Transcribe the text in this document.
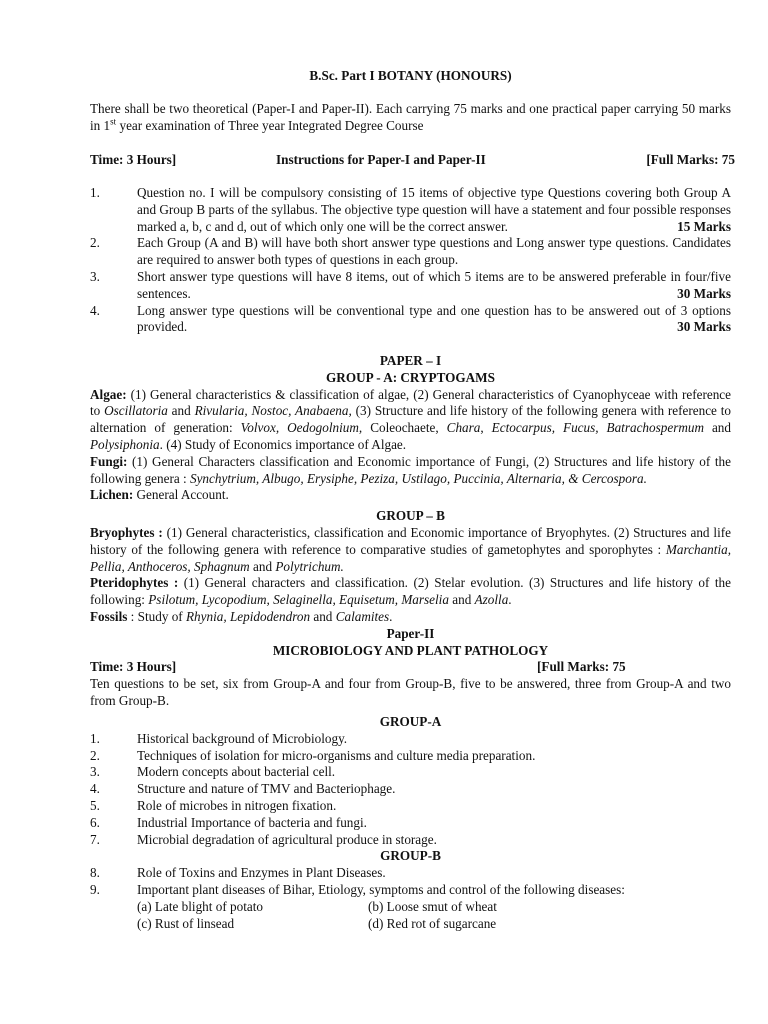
B.Sc. Part I BOTANY (HONOURS)
There shall be two theoretical (Paper-I and Paper-II). Each carrying 75 marks and one practical paper carrying 50 marks in 1st year examination of Three year Integrated Degree Course
Time: 3 Hours]	Instructions for Paper-I and Paper-II	[Full Marks: 75
1.	Question no. I will be compulsory consisting of 15 items of objective type Questions covering both Group A and Group B parts of the syllabus. The objective type question will have a statement and four possible responses marked a, b, c and d, out of which only one will be the correct answer.	15 Marks
2.	Each Group (A and B) will have both short answer type questions and Long answer type questions. Candidates are required to answer both types of questions in each group.
3.	Short answer type questions will have 8 items, out of which 5 items are to be answered preferable in four/five sentences.	30 Marks
4.	Long answer type questions will be conventional type and one question has to be answered out of 3 options provided.	30 Marks
PAPER – I
GROUP - A: CRYPTOGAMS
Algae: (1) General characteristics & classification of algae, (2) General characteristics of Cyanophyceae with reference to Oscillatoria and Rivularia, Nostoc, Anabaena, (3) Structure and life history of the following genera with reference to alternation of generation: Volvox, Oedogolnium, Coleochaete, Chara, Ectocarpus, Fucus, Batrachospermum and Polysiphonia. (4) Study of Economics importance of Algae.
Fungi: (1) General Characters classification and Economic importance of Fungi, (2) Structures and life history of the following genera : Synchytrium, Albugo, Erysiphe, Peziza, Ustilago, Puccinia, Alternaria, & Cercospora.
Lichen: General Account.
GROUP – B
Bryophytes : (1) General characteristics, classification and Economic importance of Bryophytes. (2) Structures and life history of the following genera with reference to comparative studies of gametophytes and sporophytes : Marchantia, Pellia, Anthoceros, Sphagnum and Polytrichum.
Pteridophytes : (1) General characters and classification. (2) Stelar evolution. (3) Structures and life history of the following: Psilotum, Lycopodium, Selaginella, Equisetum, Marselia and Azolla.
Fossils : Study of Rhynia, Lepidodendron and Calamites.
Paper-II
MICROBIOLOGY AND PLANT PATHOLOGY
Time: 3 Hours]	[Full Marks: 75
Ten questions to be set, six from Group-A and four from Group-B, five to be answered, three from Group-A and two from Group-B.
GROUP-A
1.	Historical background of Microbiology.
2.	Techniques of isolation for micro-organisms and culture media preparation.
3.	Modern concepts about bacterial cell.
4.	Structure and nature of TMV and Bacteriophage.
5.	Role of microbes in nitrogen fixation.
6.	Industrial Importance of bacteria and fungi.
7.	Microbial degradation of agricultural produce in storage.
GROUP-B
8.	Role of Toxins and Enzymes in Plant Diseases.
9.	Important plant diseases of Bihar, Etiology, symptoms and control of the following diseases:
(a) Late blight of potato	(b) Loose smut of wheat
(c) Rust of linsead	(d) Red rot of sugarcane
